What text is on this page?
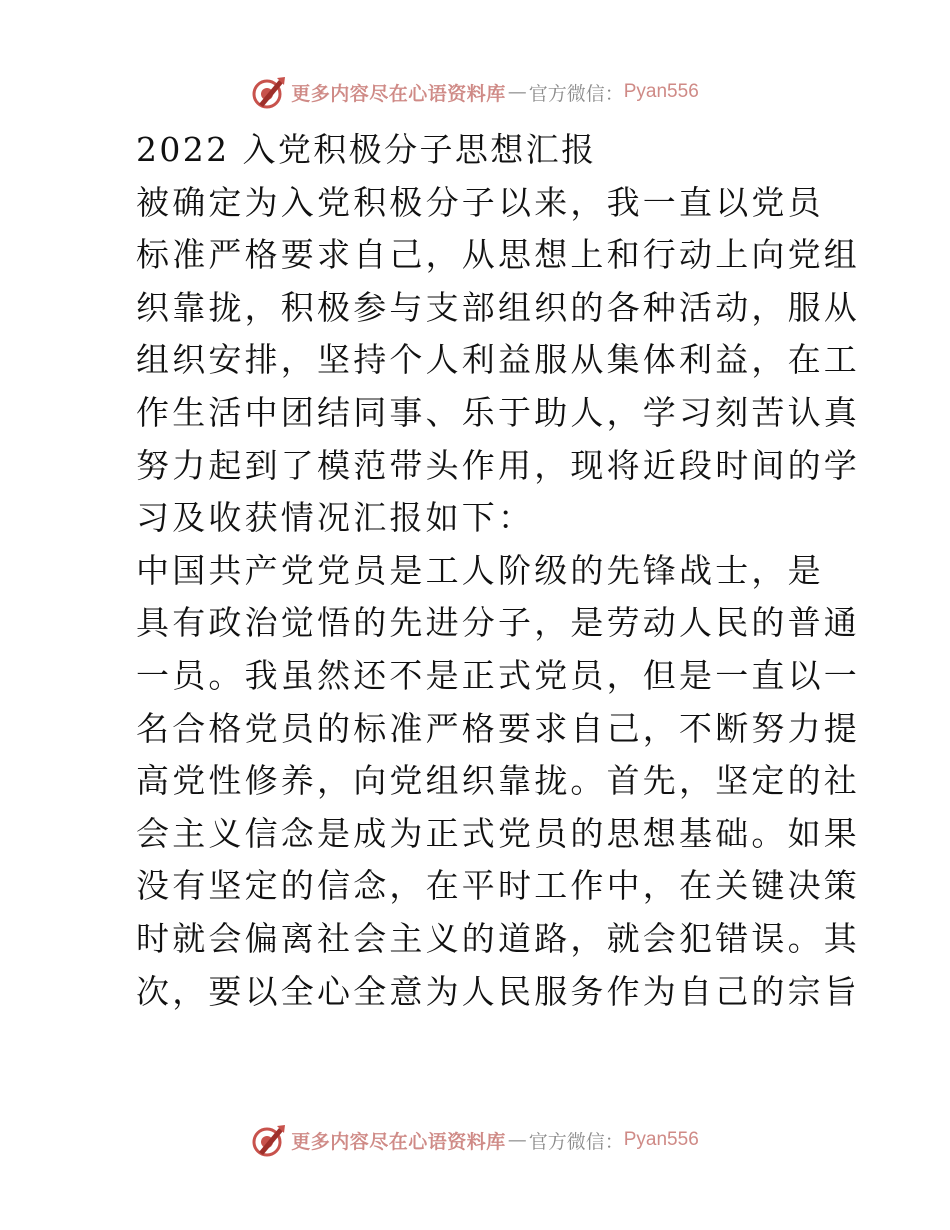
更多内容尽在心语资料库 — 官方微信： Pyan556
2022 入党积极分子思想汇报
被确定为入党积极分子以来，我一直以党员
标准严格要求自己，从思想上和行动上向党组
织靠拢，积极参与支部组织的各种活动，服从
组织安排，坚持个人利益服从集体利益，在工
作生活中团结同事、乐于助人，学习刻苦认真
努力起到了模范带头作用，现将近段时间的学
习及收获情况汇报如下：
中国共产党党员是工人阶级的先锋战士，是
具有政治觉悟的先进分子，是劳动人民的普通
一员。我虽然还不是正式党员，但是一直以一
名合格党员的标准严格要求自己，不断努力提
高党性修养，向党组织靠拢。首先，坚定的社
会主义信念是成为正式党员的思想基础。如果
没有坚定的信念，在平时工作中，在关键决策
时就会偏离社会主义的道路，就会犯错误。其
次，要以全心全意为人民服务作为自己的宗旨
更多内容尽在心语资料库 — 官方微信： Pyan556
